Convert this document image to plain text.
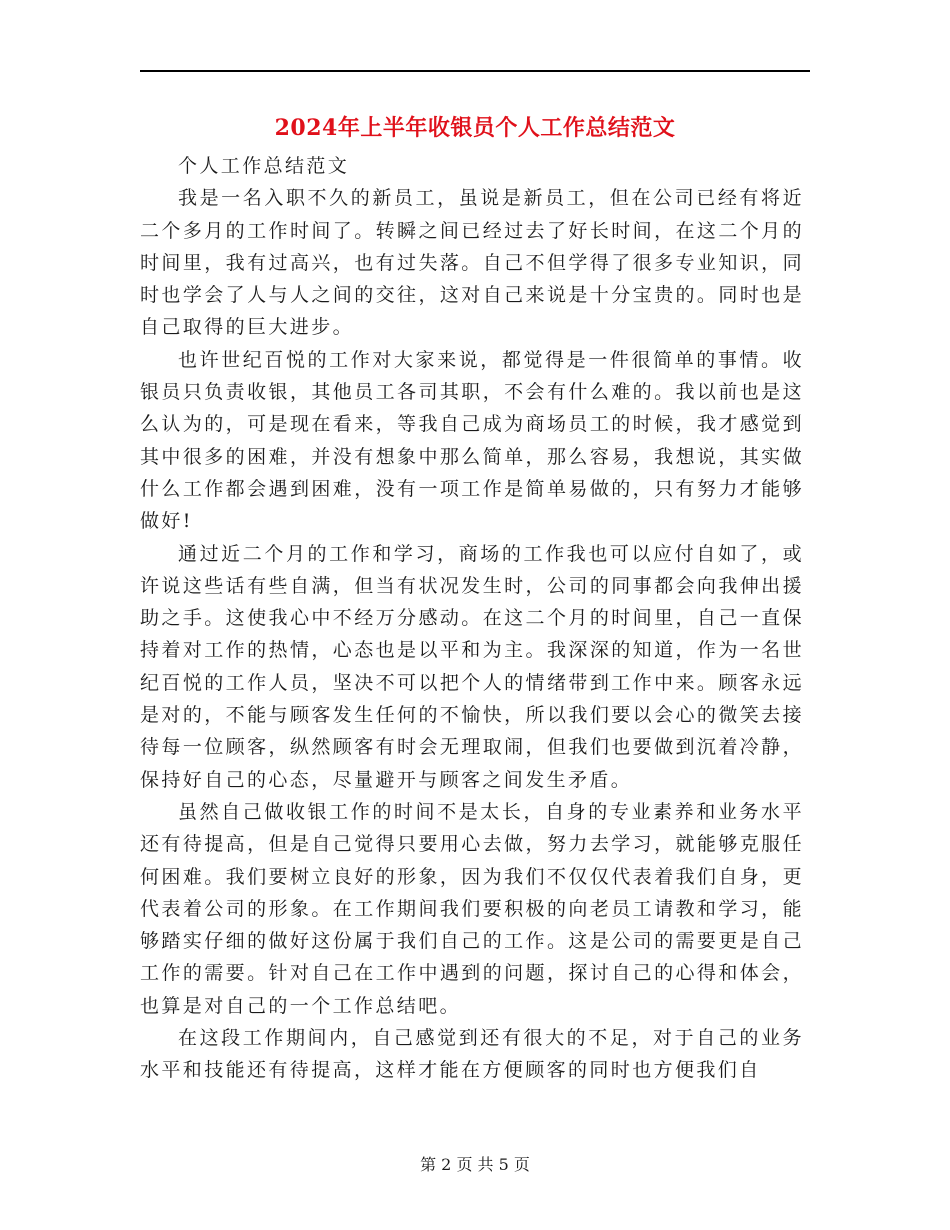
2024年上半年收银员个人工作总结范文

个人工作总结范文

我是一名入职不久的新员工，虽说是新员工，但在公司已经有将近二个多月的工作时间了。转瞬之间已经过去了好长时间，在这二个月的时间里，我有过高兴，也有过失落。自己不但学得了很多专业知识，同时也学会了人与人之间的交往，这对自己来说是十分宝贵的。同时也是自己取得的巨大进步。

也许世纪百悦的工作对大家来说，都觉得是一件很简单的事情。收银员只负责收银，其他员工各司其职，不会有什么难的。我以前也是这么认为的，可是现在看来，等我自己成为商场员工的时候，我才感觉到其中很多的困难，并没有想象中那么简单，那么容易，我想说，其实做什么工作都会遇到困难，没有一项工作是简单易做的，只有努力才能够做好!

通过近二个月的工作和学习，商场的工作我也可以应付自如了，或许说这些话有些自满，但当有状况发生时，公司的同事都会向我伸出援助之手。这使我心中不经万分感动。在这二个月的时间里，自己一直保持着对工作的热情，心态也是以平和为主。我深深的知道，作为一名世纪百悦的工作人员，坚决不可以把个人的情绪带到工作中来。顾客永远是对的，不能与顾客发生任何的不愉快，所以我们要以会心的微笑去接待每一位顾客，纵然顾客有时会无理取闹，但我们也要做到沉着冷静，保持好自己的心态，尽量避开与顾客之间发生矛盾。

虽然自己做收银工作的时间不是太长，自身的专业素养和业务水平还有待提高，但是自己觉得只要用心去做，努力去学习，就能够克服任何困难。我们要树立良好的形象，因为我们不仅仅代表着我们自身，更代表着公司的形象。在工作期间我们要积极的向老员工请教和学习，能够踏实仔细的做好这份属于我们自己的工作。这是公司的需要更是自己工作的需要。针对自己在工作中遇到的问题，探讨自己的心得和体会，也算是对自己的一个工作总结吧。

在这段工作期间内，自己感觉到还有很大的不足，对于自己的业务水平和技能还有待提高，这样才能在方便顾客的同时也方便我们自

第 2 页 共 5 页
